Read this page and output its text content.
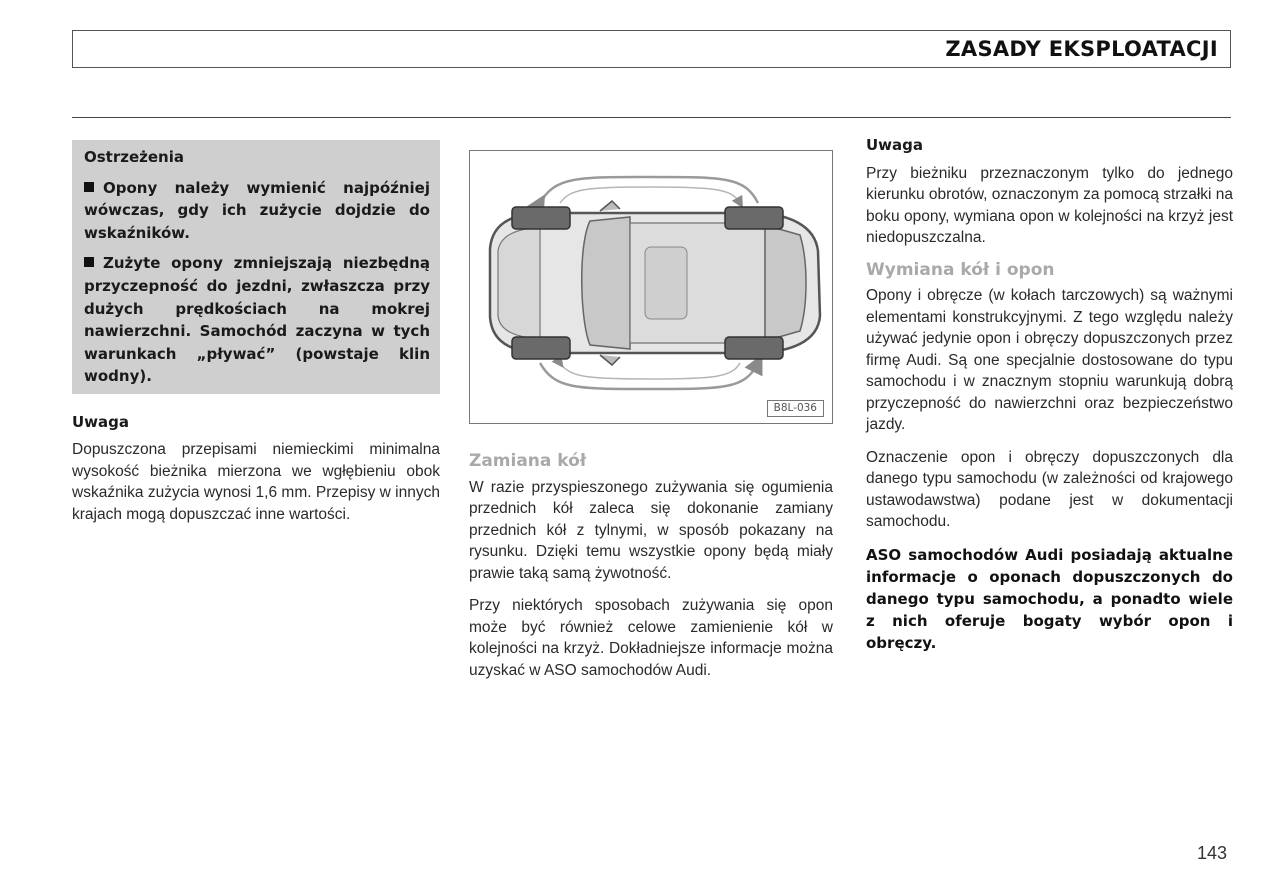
ZASADY EKSPLOATACJI
Ostrzeżenia
Opony należy wymienić najpóźniej wówczas, gdy ich zużycie dojdzie do wskaźników.
Zużyte opony zmniejszają niezbędną przyczepność do jezdni, zwłaszcza przy dużych prędkościach na mokrej nawierzchni. Samochód zaczyna w tych warunkach „pływać” (powstaje klin wodny).
Uwaga

Dopuszczona przepisami niemieckimi minimalna wysokość bieżnika mierzona we wgłębieniu obok wskaźnika zużycia wynosi 1,6 mm. Przepisy w innych krajach mogą dopuszczać inne wartości.

B8L-036
Zamiana kół

W razie przyspieszonego zużywania się ogumienia przednich kół zaleca się dokonanie zamiany przednich kół z tylnymi, w sposób pokazany na rysunku. Dzięki temu wszystkie opony będą miały prawie taką samą żywotność.

Przy niektórych sposobach zużywania się opon może być również celowe zamienienie kół w kolejności na krzyż. Dokładniejsze informacje można uzyskać w ASO samochodów Audi.

Uwaga

Przy bieżniku przeznaczonym tylko do jednego kierunku obrotów, oznaczonym za pomocą strzałki na boku opony, wymiana opon w kolejności na krzyż jest niedopuszczalna.

Wymiana kół i opon

Opony i obręcze (w kołach tarczowych) są ważnymi elementami konstrukcyjnymi. Z tego względu należy używać jedynie opon i obręczy dopuszczonych przez firmę Audi. Są one specjalnie dostosowane do typu samochodu i w znacznym stopniu warunkują dobrą przyczepność do nawierzchni oraz bezpieczeństwo jazdy.

Oznaczenie opon i obręczy dopuszczonych dla danego typu samochodu (w zależności od krajowego ustawodawstwa) podane jest w dokumentacji samochodu.

ASO samochodów Audi posiadają aktualne informacje o oponach dopuszczonych do danego typu samochodu, a ponadto wiele z nich oferuje bogaty wybór opon i obręczy.

143
